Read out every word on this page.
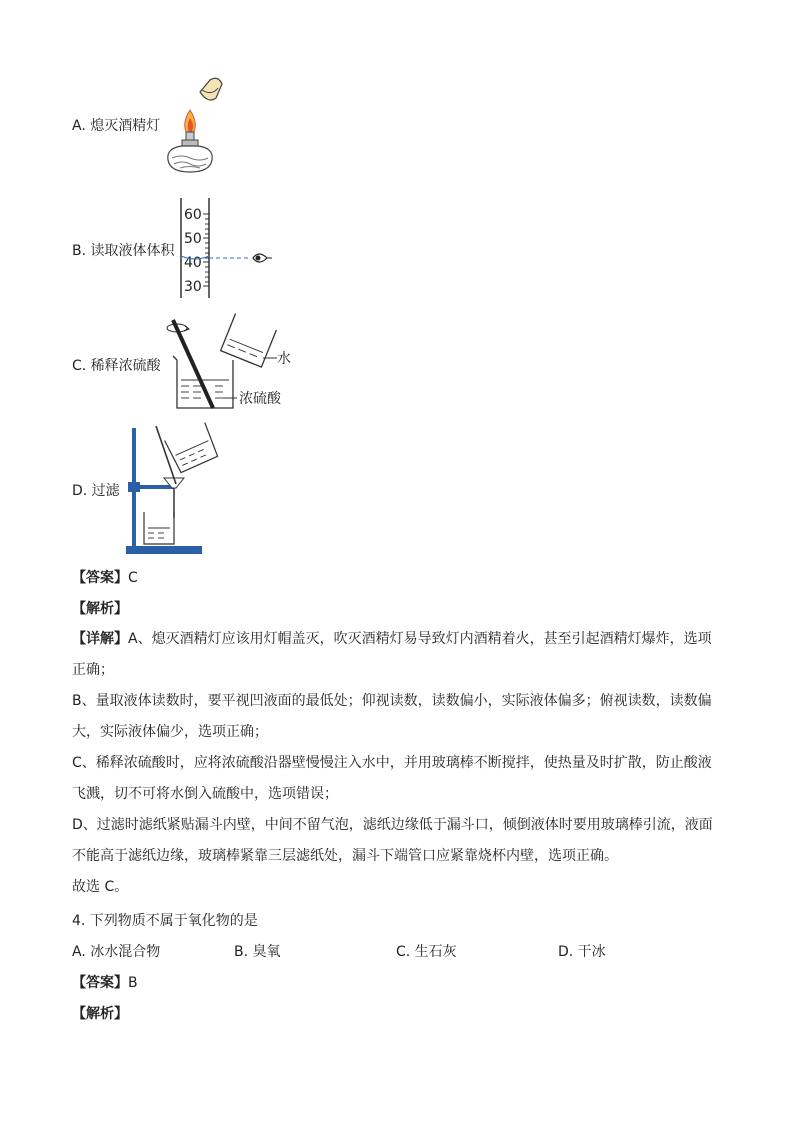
A. 熄灭酒精灯
B. 读取液体体积
60
50
40
30
C. 稀释浓硫酸	水
浓硫酸
D. 过滤
【答案】C
【解析】
【详解】A、熄灭酒精灯应该用灯帽盖灭，吹灭酒精灯易导致灯内酒精着火，甚至引起酒精灯爆炸，选项
正确；
B、量取液体读数时，要平视凹液面的最低处；仰视读数，读数偏小，实际液体偏多；俯视读数，读数偏
大，实际液体偏少，选项正确；
C、稀释浓硫酸时，应将浓硫酸沿器壁慢慢注入水中，并用玻璃棒不断搅拌，使热量及时扩散，防止酸液
飞溅，切不可将水倒入硫酸中，选项错误；
D、过滤时滤纸紧贴漏斗内壁，中间不留气泡，滤纸边缘低于漏斗口，倾倒液体时要用玻璃棒引流，液面
不能高于滤纸边缘，玻璃棒紧靠三层滤纸处，漏斗下端管口应紧靠烧杯内壁，选项正确。
故选 C。
4. 下列物质不属于氧化物的是
A. 冰水混合物	B. 臭氧	C. 生石灰	D. 干冰
【答案】B
【解析】
